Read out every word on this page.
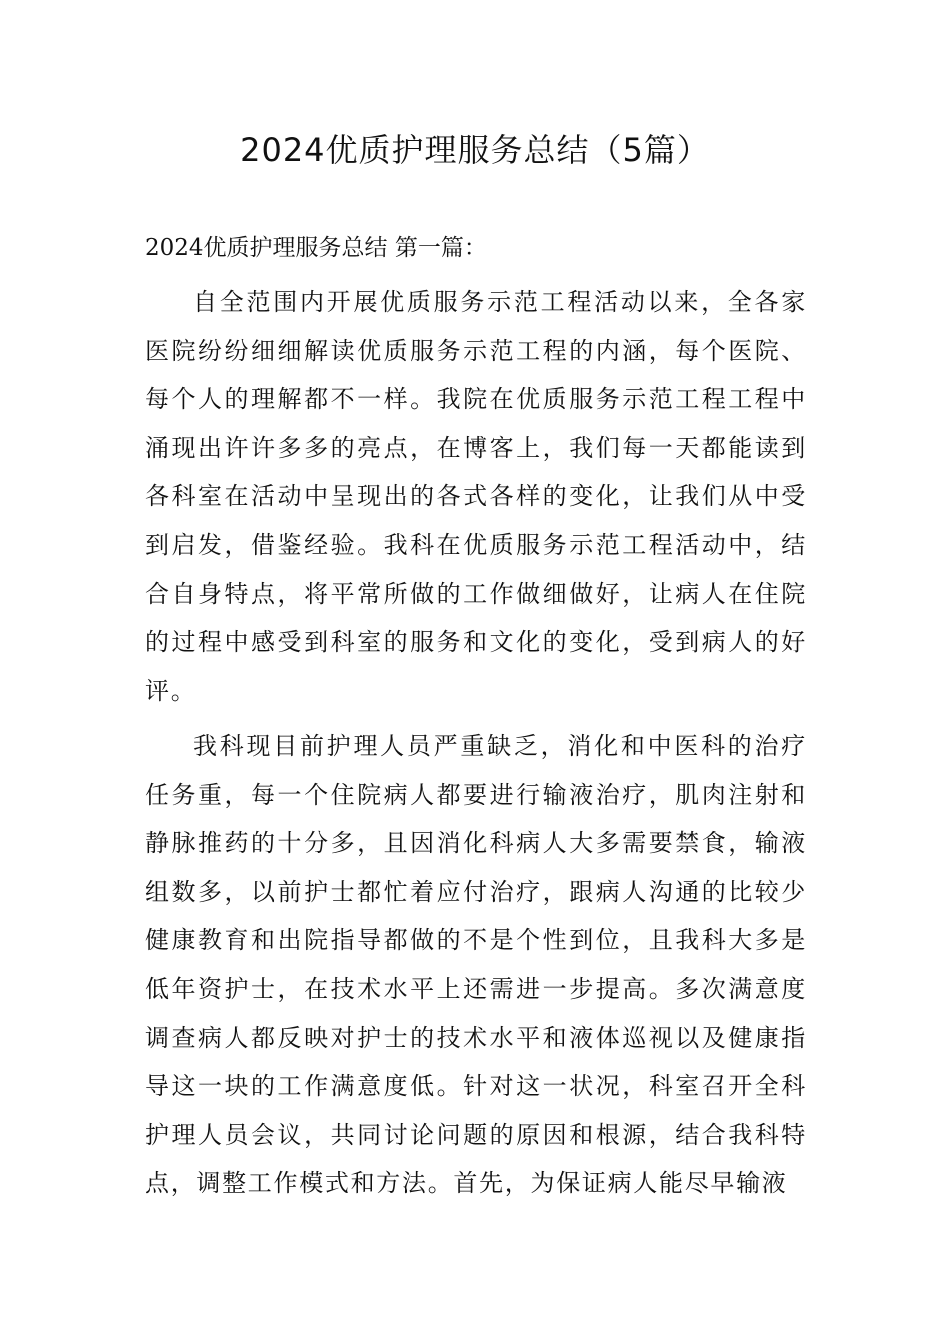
2024优质护理服务总结（5篇）

2024优质护理服务总结 第一篇：

自全范围内开展优质服务示范工程活动以来，全各家医院纷纷细细解读优质服务示范工程的内涵，每个医院、每个人的理解都不一样。我院在优质服务示范工程工程中涌现出许许多多的亮点，在博客上，我们每一天都能读到各科室在活动中呈现出的各式各样的变化，让我们从中受到启发，借鉴经验。我科在优质服务示范工程活动中，结合自身特点，将平常所做的工作做细做好，让病人在住院的过程中感受到科室的服务和文化的变化，受到病人的好评。

我科现目前护理人员严重缺乏，消化和中医科的治疗任务重，每一个住院病人都要进行输液治疗，肌肉注射和静脉推药的十分多，且因消化科病人大多需要禁食，输液组数多，以前护士都忙着应付治疗，跟病人沟通的比较少健康教育和出院指导都做的不是个性到位，且我科大多是低年资护士，在技术水平上还需进一步提高。多次满意度调查病人都反映对护士的技术水平和液体巡视以及健康指导这一块的工作满意度低。针对这一状况，科室召开全科护理人员会议，共同讨论问题的原因和根源，结合我科特点，调整工作模式和方法。首先，为保证病人能尽早输液
